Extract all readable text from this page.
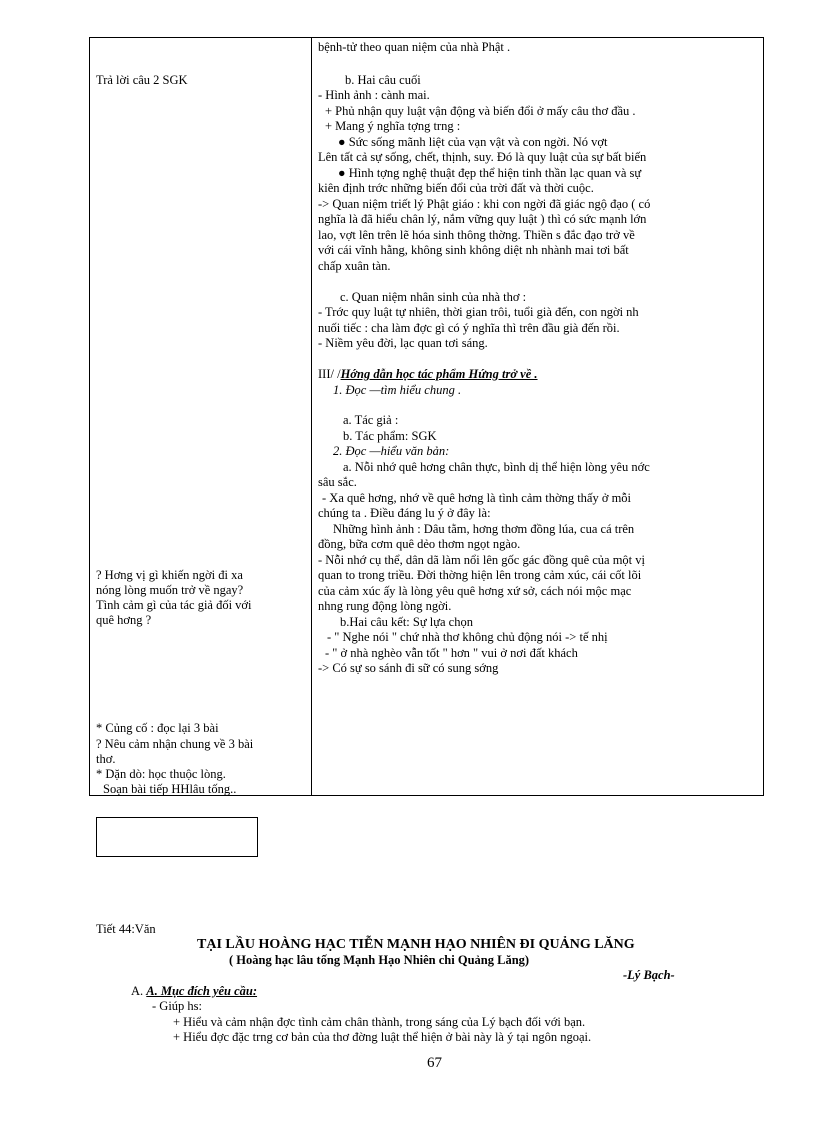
Trả lời câu 2 SGK
? Hơng vị gì khiến ngời đi xa
nóng lòng muốn trở về ngay?
Tình cảm gì của tác giả đối với
quê hơng ?
* Củng cố : đọc lại 3 bài
? Nêu cảm nhận chung về 3 bài
thơ.
* Dặn dò: học thuộc lòng.
Soạn bài tiếp HHlâu tống..
bệnh-tử theo quan niệm của nhà Phật .
b. Hai câu cuối
- Hình ảnh : cành mai.
+ Phủ nhận quy luật vận động và biến đổi ở mấy câu thơ đầu .
+ Mang ý nghĩa tợng trng :
● Sức sống mãnh liệt của vạn vật và con ngời. Nó vợt
Lên tất cả sự sống, chết, thịnh, suy. Đó là quy luật của sự bất biến
● Hình tợng nghệ thuật đẹp thể hiện tinh thần lạc quan và sự
kiên định trớc những biến đổi của trời đất và thời cuộc.
-> Quan niệm triết lý Phật giáo : khi con ngời đã giác ngộ đạo ( có
nghĩa là đã hiểu chân lý, nắm vững quy luật ) thì có sức mạnh lớn
lao, vợt lên trên lẽ hóa sinh thông thờng. Thiền s đắc đạo trở về
với cái vĩnh hằng, không sinh không diệt nh nhành mai tơi bất
chấp xuân tàn.
c. Quan niệm nhân sinh của nhà thơ :
- Trớc quy luật tự nhiên, thời gian trôi, tuổi già đến, con ngời nh
nuối tiếc : cha làm đợc gì có ý nghĩa thì trên đầu già đến rồi.
- Niềm yêu đời, lạc quan tơi sáng.
III/ /Hớng dẫn học tác phẩm Hứng trở về .
1. Đọc —tìm hiểu chung .
a. Tác giả :
b. Tác phẩm: SGK
2. Đọc —hiểu văn bản:
a. Nỗi nhớ quê hơng chân thực, bình dị thể hiện lòng yêu nớc
sâu sắc.
- Xa quê hơng, nhớ về quê hơng là tình cảm thờng thấy ở mỗi
chúng ta . Điều đáng lu ý ở đây là:
Những hình ảnh : Dâu tằm, hơng thơm đồng lúa, cua cá trên
đồng, bữa cơm quê dẻo thơm ngọt ngào.
- Nỗi nhớ cụ thể, dân dã làm nổi lên gốc gác đồng quê của một vị
quan to trong triều. Đời thờng hiện lên trong cảm xúc, cái cốt lõi
của cảm xúc ấy là lòng yêu quê hơng xứ sở, cách nói mộc mạc
nhng rung động lòng ngời.
b.Hai câu kết: Sự lựa chọn
- " Nghe nói " chứ nhà thơ không chủ động nói -> tế nhị
- " ở nhà nghèo vẫn tốt " hơn " vui ở nơi đất khách
-> Có sự so sánh đi sữ có sung sớng
Tiết 44:Văn
TẠI LẦU HOÀNG HẠC TIỄN MẠNH HẠO NHIÊN ĐI QUẢNG LĂNG
( Hoàng hạc lâu tống Mạnh Hạo Nhiên chi Quảng Lăng)
-Lý Bạch-
A. A. Mục đích yêu cầu:
- Giúp hs:
+ Hiểu và cảm nhận đợc tình cảm chân thành, trong sáng của Lý bạch đối với bạn.
+ Hiểu đợc đặc trng cơ bản của thơ đờng luật thể hiện ở bài này là ý tại ngôn ngoại.
67
